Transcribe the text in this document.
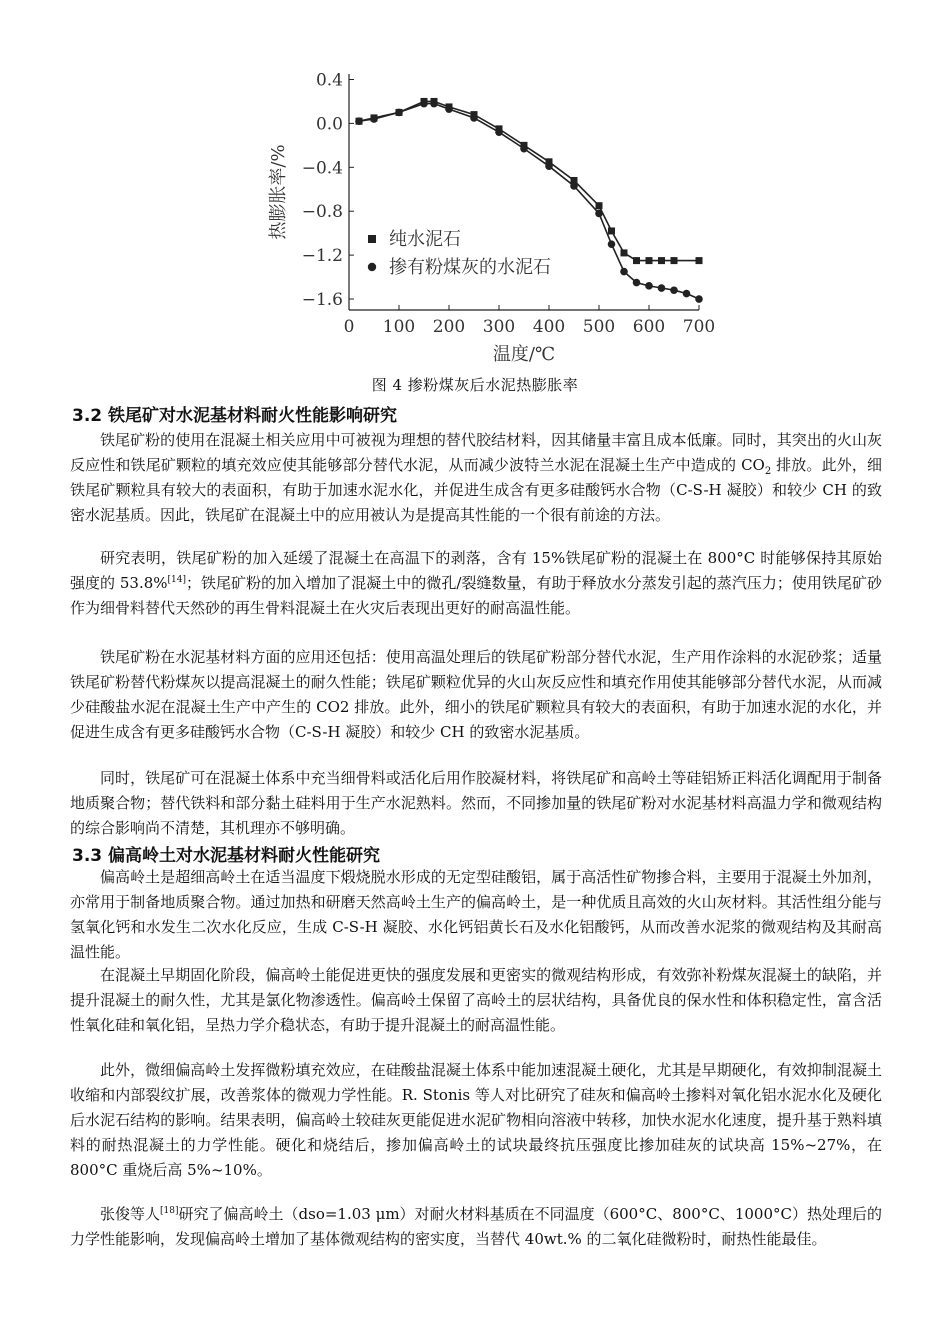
0 100 200 300 400 500 600 700
0.4
0.0
−0.4
−0.8
−1.2
−1.6
温度/℃
热膨胀率/%	纯水泥石
掺有粉煤灰的水泥石
图 4 掺粉煤灰后水泥热膨胀率
3.2 铁尾矿对水泥基材料耐火性能影响研究

铁尾矿粉的使用在混凝土相关应用中可被视为理想的替代胶结材料，因其储量丰富且成本低廉。同时，其突出的火山灰反应性和铁尾矿颗粒的填充效应使其能够部分替代水泥，从而减少波特兰水泥在混凝土生产中造成的 $CO_2$ 排放。此外，细铁尾矿颗粒具有较大的表面积，有助于加速水泥水化，并促进生成含有更多硅酸钙水合物（C-S-H 凝胶）和较少 CH 的致密水泥基质。因此，铁尾矿在混凝土中的应用被认为是提高其性能的一个很有前途的方法。

研究表明，铁尾矿粉的加入延缓了混凝土在高温下的剥落，含有 15%铁尾矿粉的混凝土在 800°C 时能够保持其原始强度的 53.8%[14]；铁尾矿粉的加入增加了混凝土中的微孔/裂缝数量，有助于释放水分蒸发引起的蒸汽压力；使用铁尾矿砂作为细骨料替代天然砂的再生骨料混凝土在火灾后表现出更好的耐高温性能。

铁尾矿粉在水泥基材料方面的应用还包括：使用高温处理后的铁尾矿粉部分替代水泥，生产用作涂料的水泥砂浆；适量铁尾矿粉替代粉煤灰以提高混凝土的耐久性能；铁尾矿颗粒优异的火山灰反应性和填充作用使其能够部分替代水泥，从而减少硅酸盐水泥在混凝土生产中产生的 CO2 排放。此外，细小的铁尾矿颗粒具有较大的表面积，有助于加速水泥的水化，并促进生成含有更多硅酸钙水合物（C-S-H 凝胶）和较少 CH 的致密水泥基质。

同时，铁尾矿可在混凝土体系中充当细骨料或活化后用作胶凝材料，将铁尾矿和高岭土等硅铝矫正料活化调配用于制备地质聚合物；替代铁料和部分黏土硅料用于生产水泥熟料。然而，不同掺加量的铁尾矿粉对水泥基材料高温力学和微观结构的综合影响尚不清楚，其机理亦不够明确。

3.3 偏高岭土对水泥基材料耐火性能研究

偏高岭土是超细高岭土在适当温度下煅烧脱水形成的无定型硅酸铝，属于高活性矿物掺合料，主要用于混凝土外加剂，亦常用于制备地质聚合物。通过加热和研磨天然高岭土生产的偏高岭土，是一种优质且高效的火山灰材料。其活性组分能与氢氧化钙和水发生二次水化反应，生成 C-S-H 凝胶、水化钙铝黄长石及水化铝酸钙，从而改善水泥浆的微观结构及其耐高温性能。

在混凝土早期固化阶段，偏高岭土能促进更快的强度发展和更密实的微观结构形成，有效弥补粉煤灰混凝土的缺陷，并提升混凝土的耐久性，尤其是氯化物渗透性。偏高岭土保留了高岭土的层状结构，具备优良的保水性和体积稳定性，富含活性氧化硅和氧化铝，呈热力学介稳状态，有助于提升混凝土的耐高温性能。

此外，微细偏高岭土发挥微粉填充效应，在硅酸盐混凝土体系中能加速混凝土硬化，尤其是早期硬化，有效抑制混凝土收缩和内部裂纹扩展，改善浆体的微观力学性能。R. Stonis 等人对比研究了硅灰和偏高岭土掺料对氧化铝水泥水化及硬化后水泥石结构的影响。结果表明，偏高岭土较硅灰更能促进水泥矿物相向溶液中转移，加快水泥水化速度，提升基于熟料填料的耐热混凝土的力学性能。硬化和烧结后，掺加偏高岭土的试块最终抗压强度比掺加硅灰的试块高 15%~27%，在 800°C 重烧后高 5%~10%。

张俊等人[18]研究了偏高岭土（dso=1.03 μm）对耐火材料基质在不同温度（600°C、800°C、1000°C）热处理后的力学性能影响，发现偏高岭土增加了基体微观结构的密实度，当替代 40wt.% 的二氧化硅微粉时，耐热性能最佳。
